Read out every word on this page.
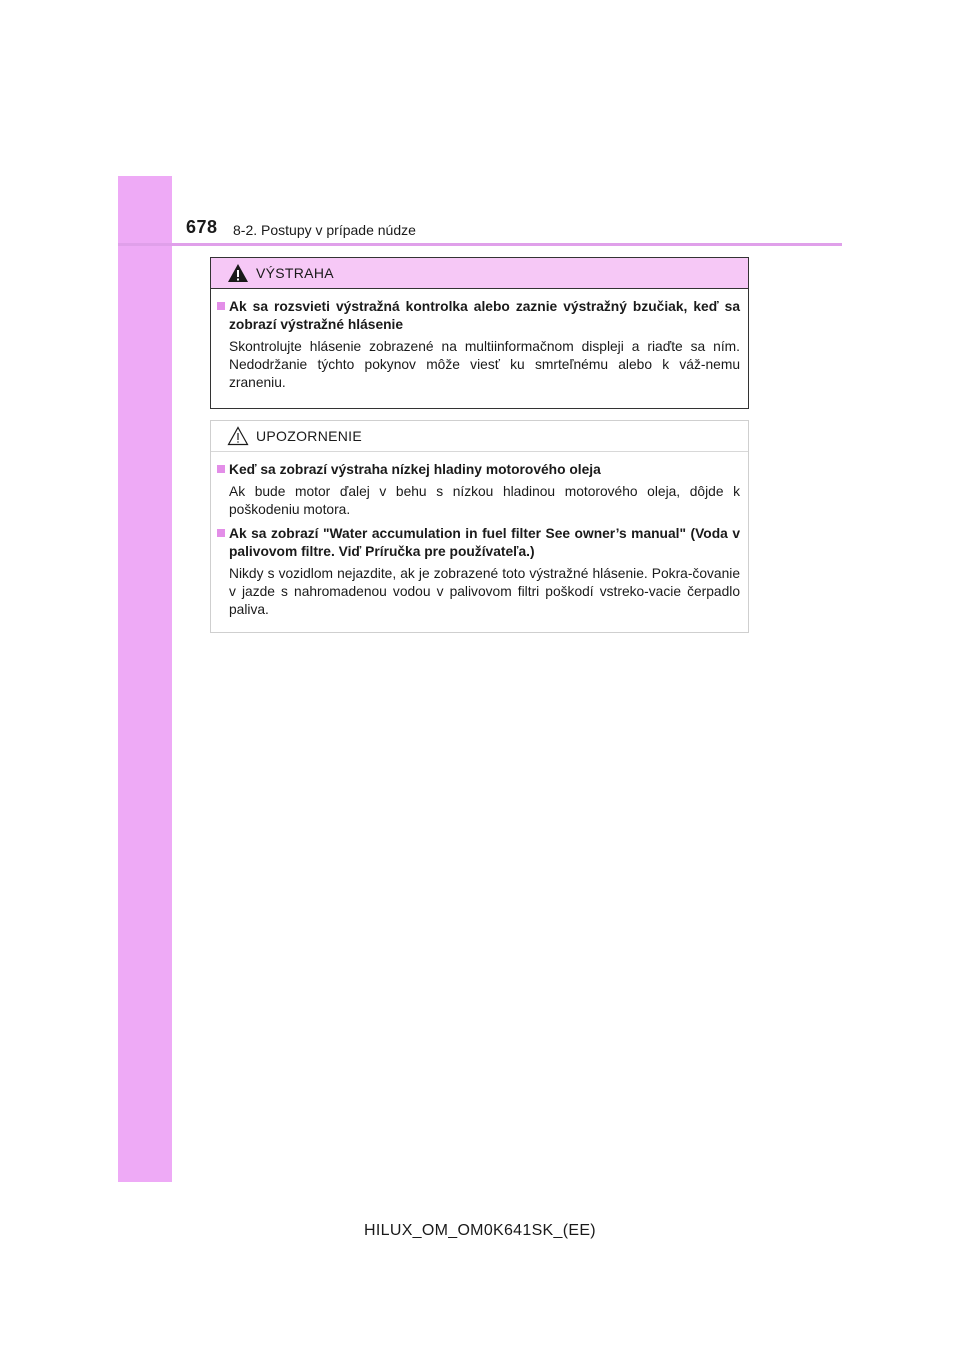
678 8-2. Postupy v prípade núdze
VÝSTRAHA
Ak sa rozsvieti výstražná kontrolka alebo zaznie výstražný bzučiak, keď sa zobrazí výstražné hlásenie
Skontrolujte hlásenie zobrazené na multiinformačnom displeji a riaďte sa ním. Nedodržanie týchto pokynov môže viesť ku smrteľnému alebo k váž-nemu zraneniu.
UPOZORNENIE
Keď sa zobrazí výstraha nízkej hladiny motorového oleja
Ak bude motor ďalej v behu s nízkou hladinou motorového oleja, dôjde k poškodeniu motora.
Ak sa zobrazí "Water accumulation in fuel filter See owner’s manual" (Voda v palivovom filtre. Viď Príručka pre používateľa.)
Nikdy s vozidlom nejazdite, ak je zobrazené toto výstražné hlásenie. Pokra-čovanie v jazde s nahromadenou vodou v palivovom filtri poškodí vstreko-vacie čerpadlo paliva.
HILUX_OM_OM0K641SK_(EE)
